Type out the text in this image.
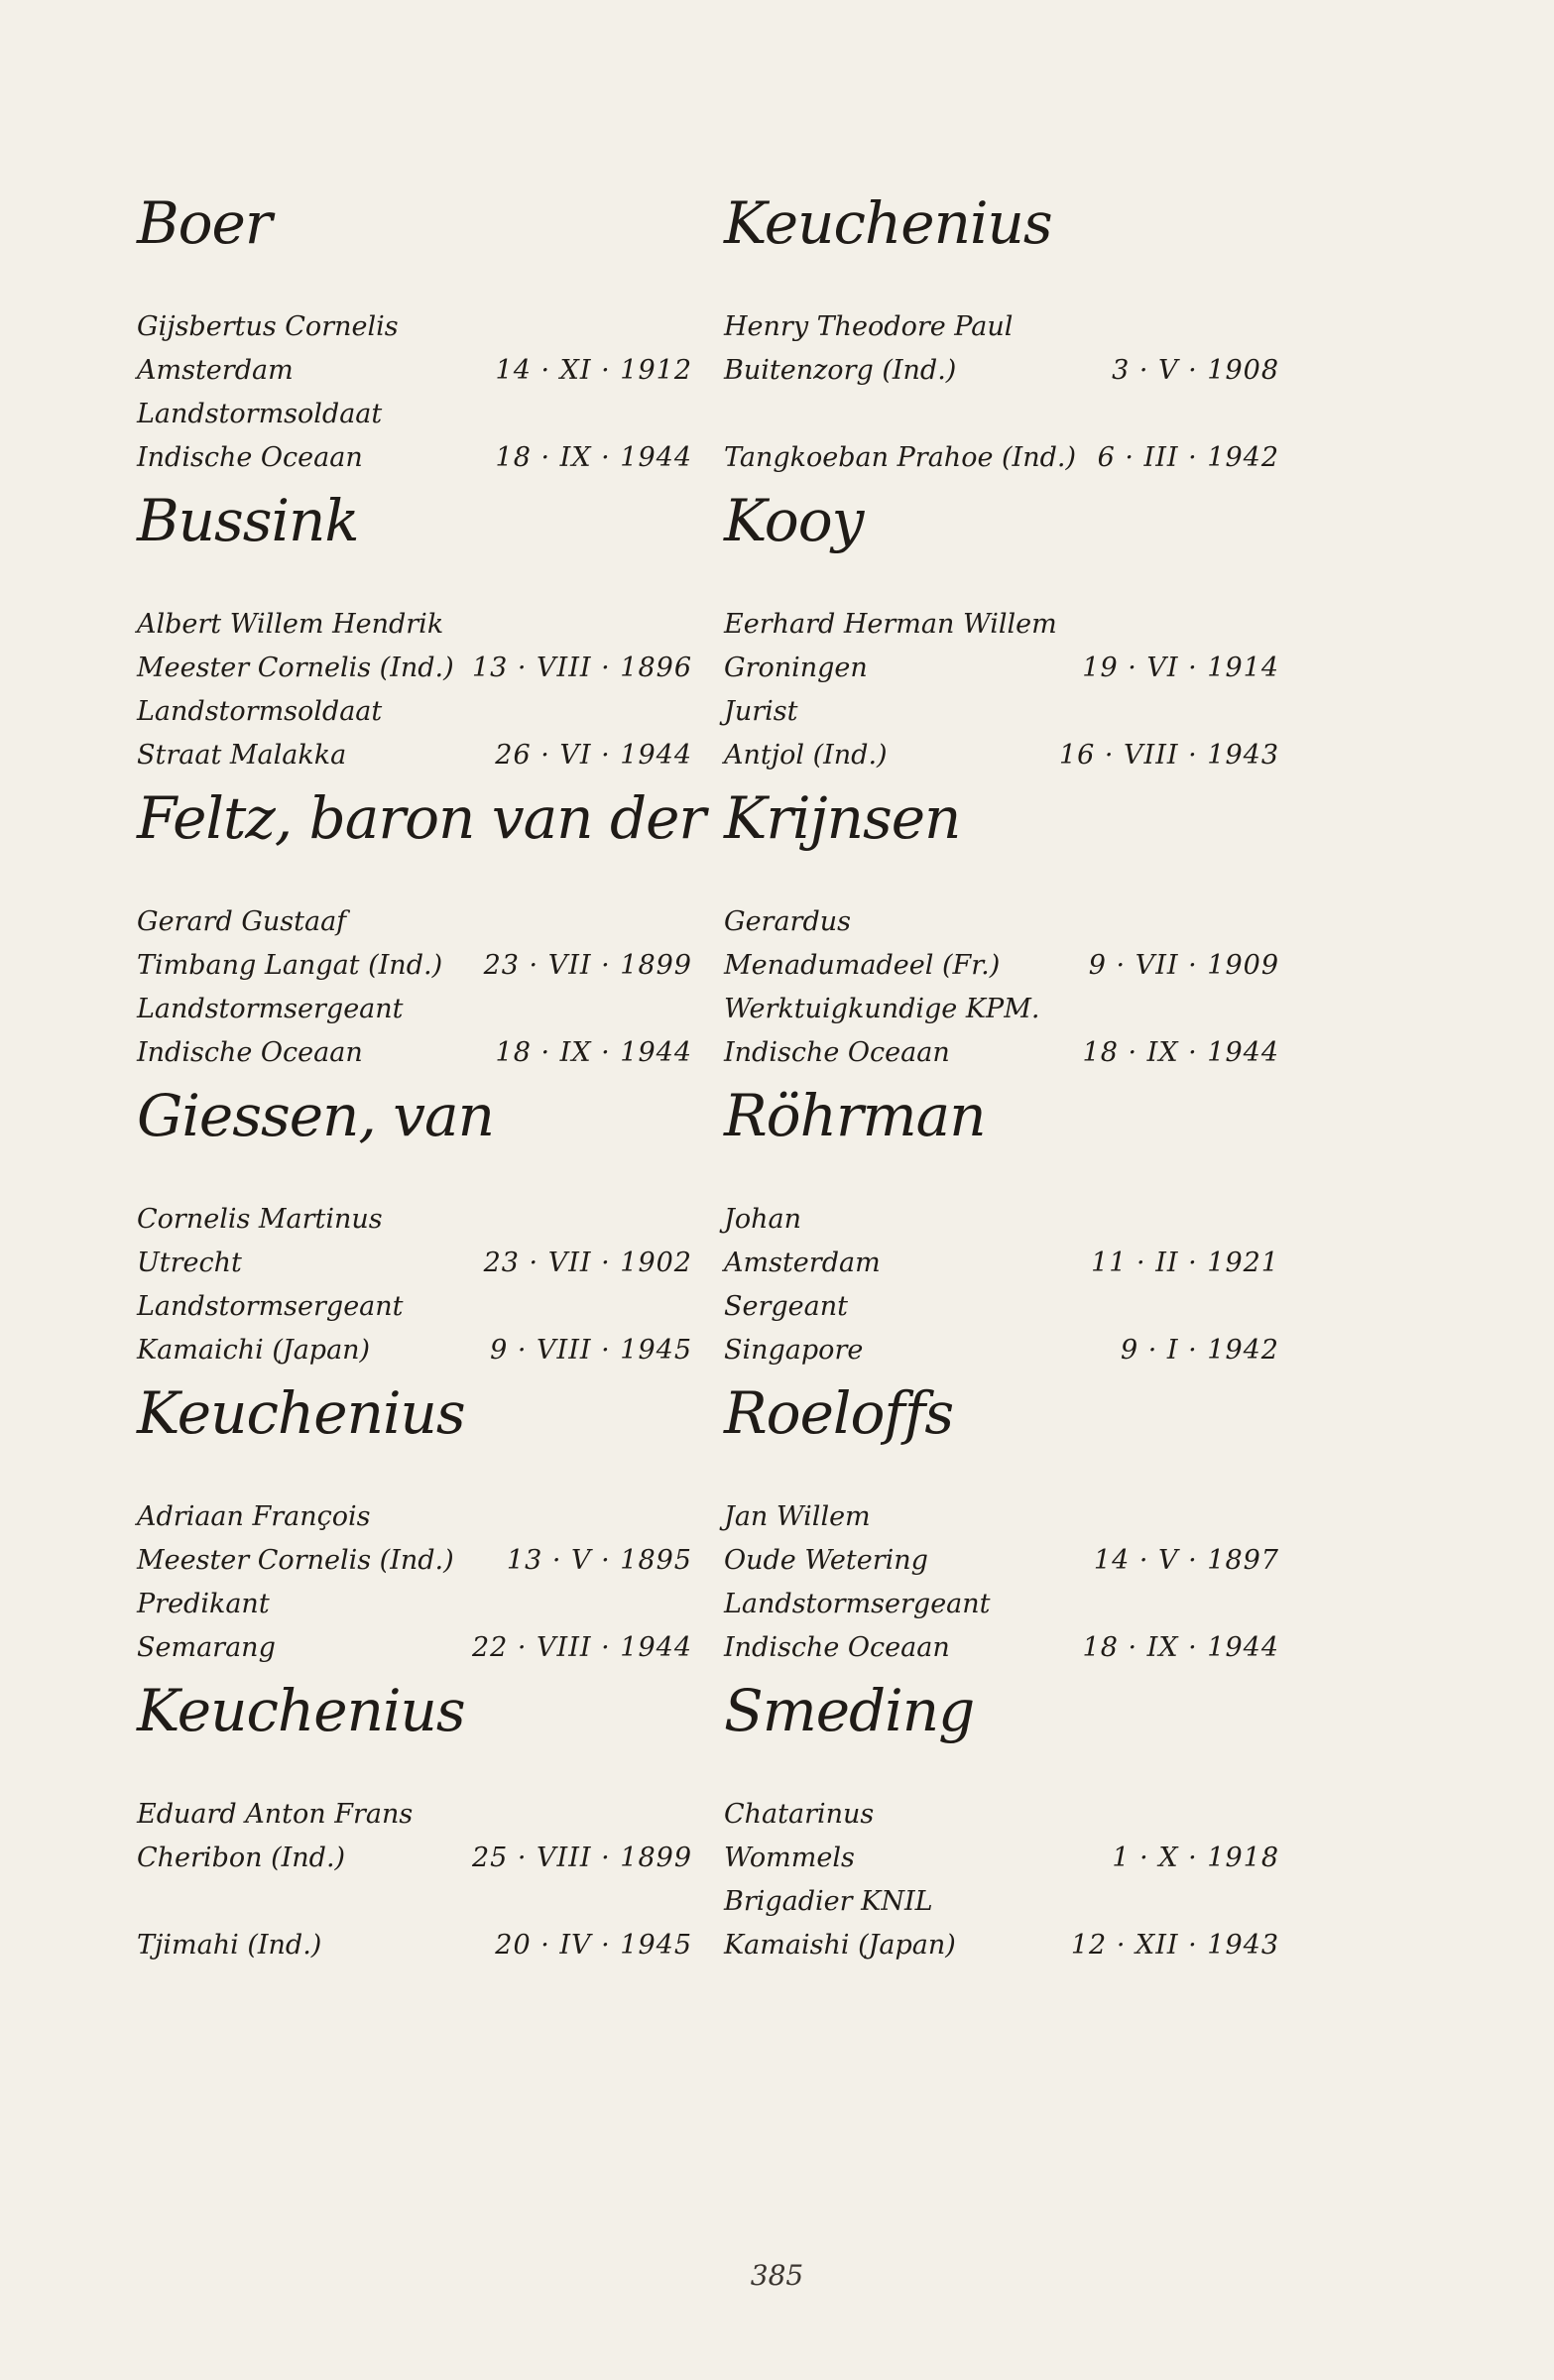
Boer
Gijsbertus Cornelis
Amsterdam	14 · XI · 1912
Landstormsoldaat
Indische Oceaan	18 · IX · 1944
Bussink
Albert Willem Hendrik
Meester Cornelis (Ind.) 13 · VIII · 1896
Landstormsoldaat
Straat Malakka	26 · VI · 1944
Feltz, baron van der
Gerard Gustaaf
Timbang Langat (Ind.) 23 · VII · 1899
Landstormsergeant
Indische Oceaan	18 · IX · 1944
Giessen, van
Cornelis Martinus
Utrecht	23 · VII · 1902
Landstormsergeant
Kamaichi (Japan)	9 · VIII · 1945
Keuchenius
Adriaan François
Meester Cornelis (Ind.) 13 · V · 1895
Predikant
Semarang	22 · VIII · 1944
Keuchenius
Eduard Anton Frans
Cheribon (Ind.)	25 · VIII · 1899
Tjimahi (Ind.)	20 · IV · 1945
Keuchenius
Henry Theodore Paul
Buitenzorg (Ind.)	3 · V · 1908
Tangkoeban Prahoe (Ind.) 6 · III · 1942
Kooy
Eerhard Herman Willem
Groningen	19 · VI · 1914
Jurist
Antjol (Ind.)	16 · VIII · 1943
Krijnsen
Gerardus
Menadumadeel (Fr.)	9 · VII · 1909
Werktuigkundige KPM.
Indische Oceaan	18 · IX · 1944
Röhrman
Johan
Amsterdam	11 · II · 1921
Sergeant
Singapore	9 · I · 1942
Roeloffs
Jan Willem
Oude Wetering	14 · V · 1897
Landstormsergeant
Indische Oceaan	18 · IX · 1944
Smeding
Chatarinus
Wommels	1 · X · 1918
Brigadier KNIL
Kamaishi (Japan)	12 · XII · 1943
385
